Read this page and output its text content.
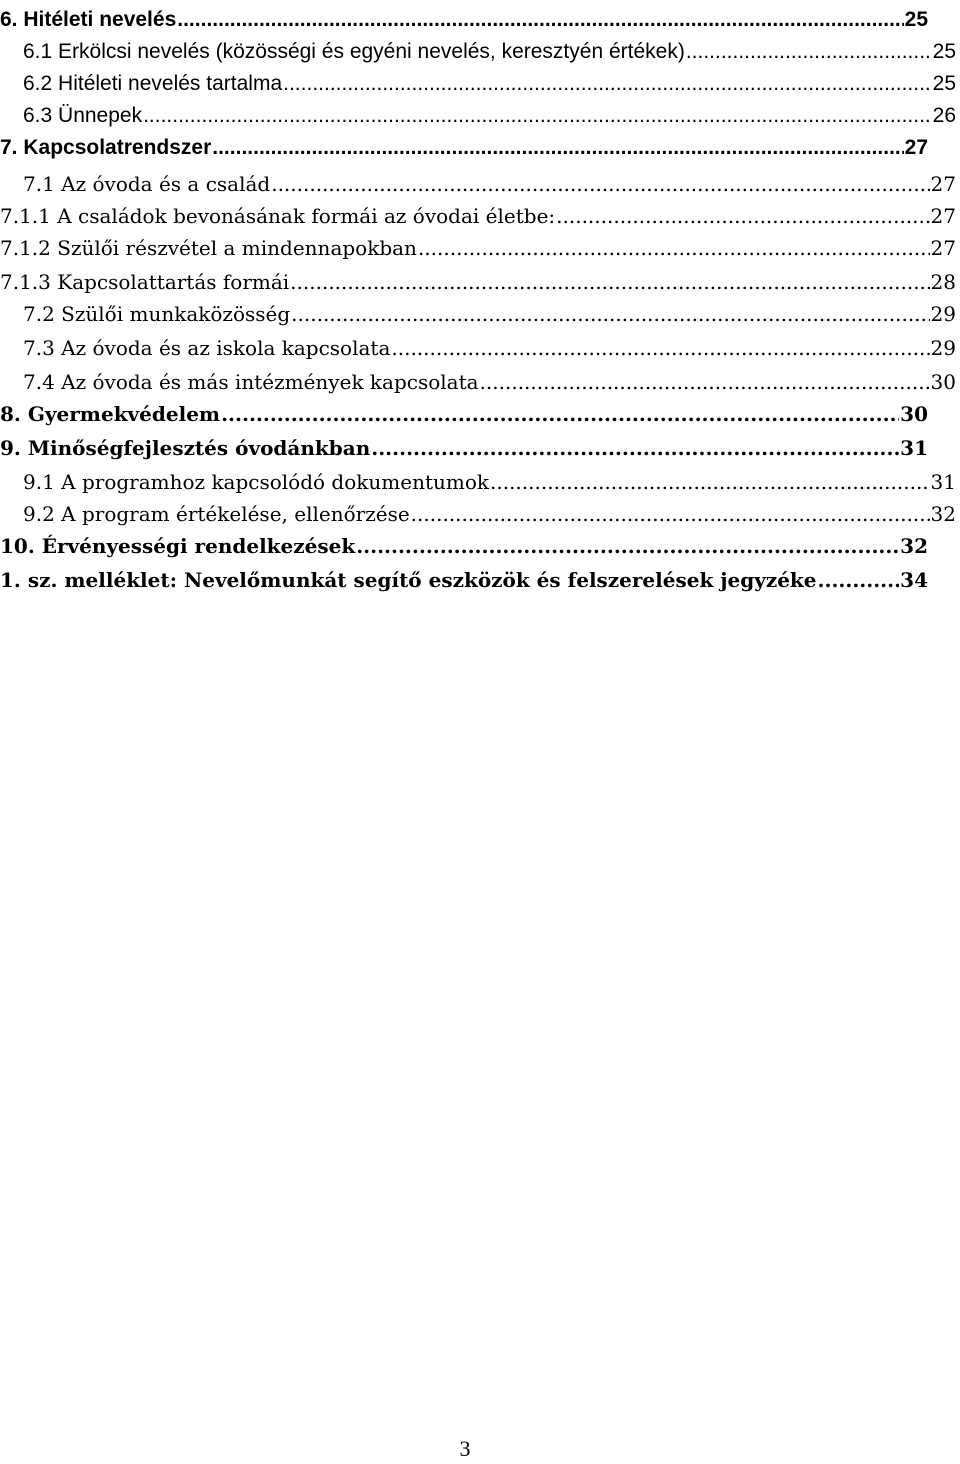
6. Hitéleti nevelés .....	25
6.1 Erkölcsi nevelés (közösségi és egyéni nevelés, keresztyén értékek) .....	25
6.2 Hitéleti nevelés tartalma .....	25
6.3 Ünnepek .....	26
7. Kapcsolatrendszer .....	27
7.1 Az óvoda és a család .....	27
7.1.1 A családok bevonásának formái az óvodai életbe: .....	27
7.1.2 Szülői részvétel a mindennapokban .....	27
7.1.3 Kapcsolattartás formái .....	28
7.2 Szülői munkaközösség .....	29
7.3 Az óvoda és az iskola kapcsolata .....	29
7.4 Az óvoda és más intézmények kapcsolata .....	30
8. Gyermekvédelem .....	30
9. Minőségfejlesztés óvodánkban .....	31
9.1 A programhoz kapcsolódó dokumentumok .....	31
9.2 A program értékelése, ellenőrzése .....	32
10. Érvényességi rendelkezések .....	32
1. sz. melléklet: Nevelőmunkát segítő eszközök és felszerelések jegyzéke .....	34
3
